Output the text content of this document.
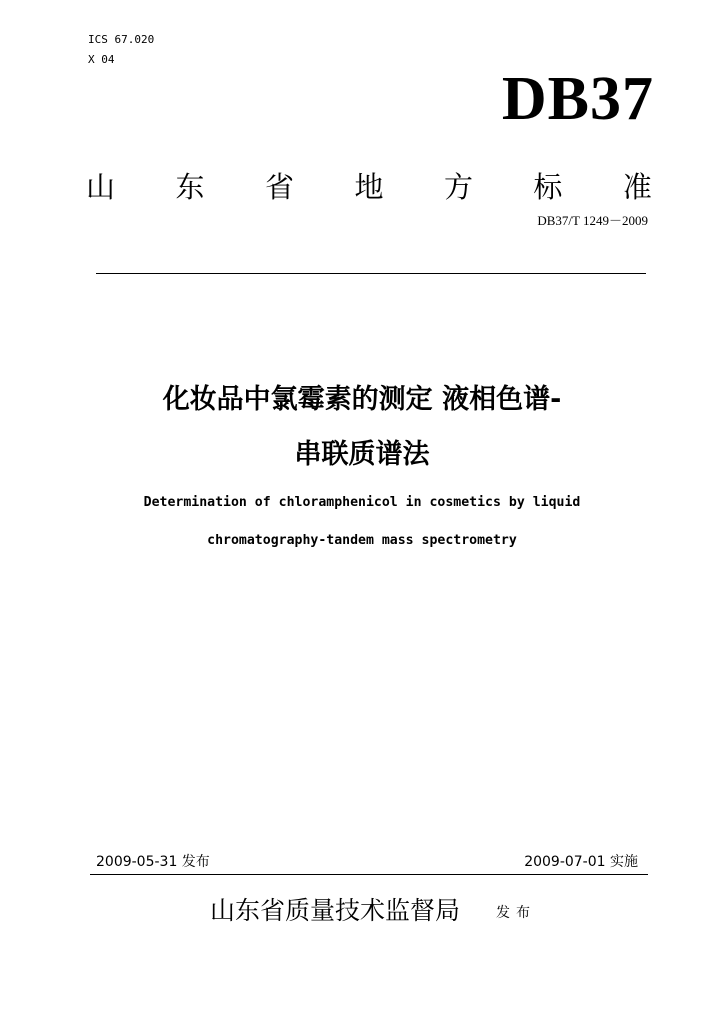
ICS 67.020
X 04
DB37
山 东 省 地 方 标 准
DB37/T 1249－2009
化妆品中氯霉素的测定 液相色谱-
串联质谱法
Determination of chloramphenicol in cosmetics by liquid
chromatography-tandem mass spectrometry
2009-05-31 发布	2009-07-01 实施
山东省质量技术监督局	发布
